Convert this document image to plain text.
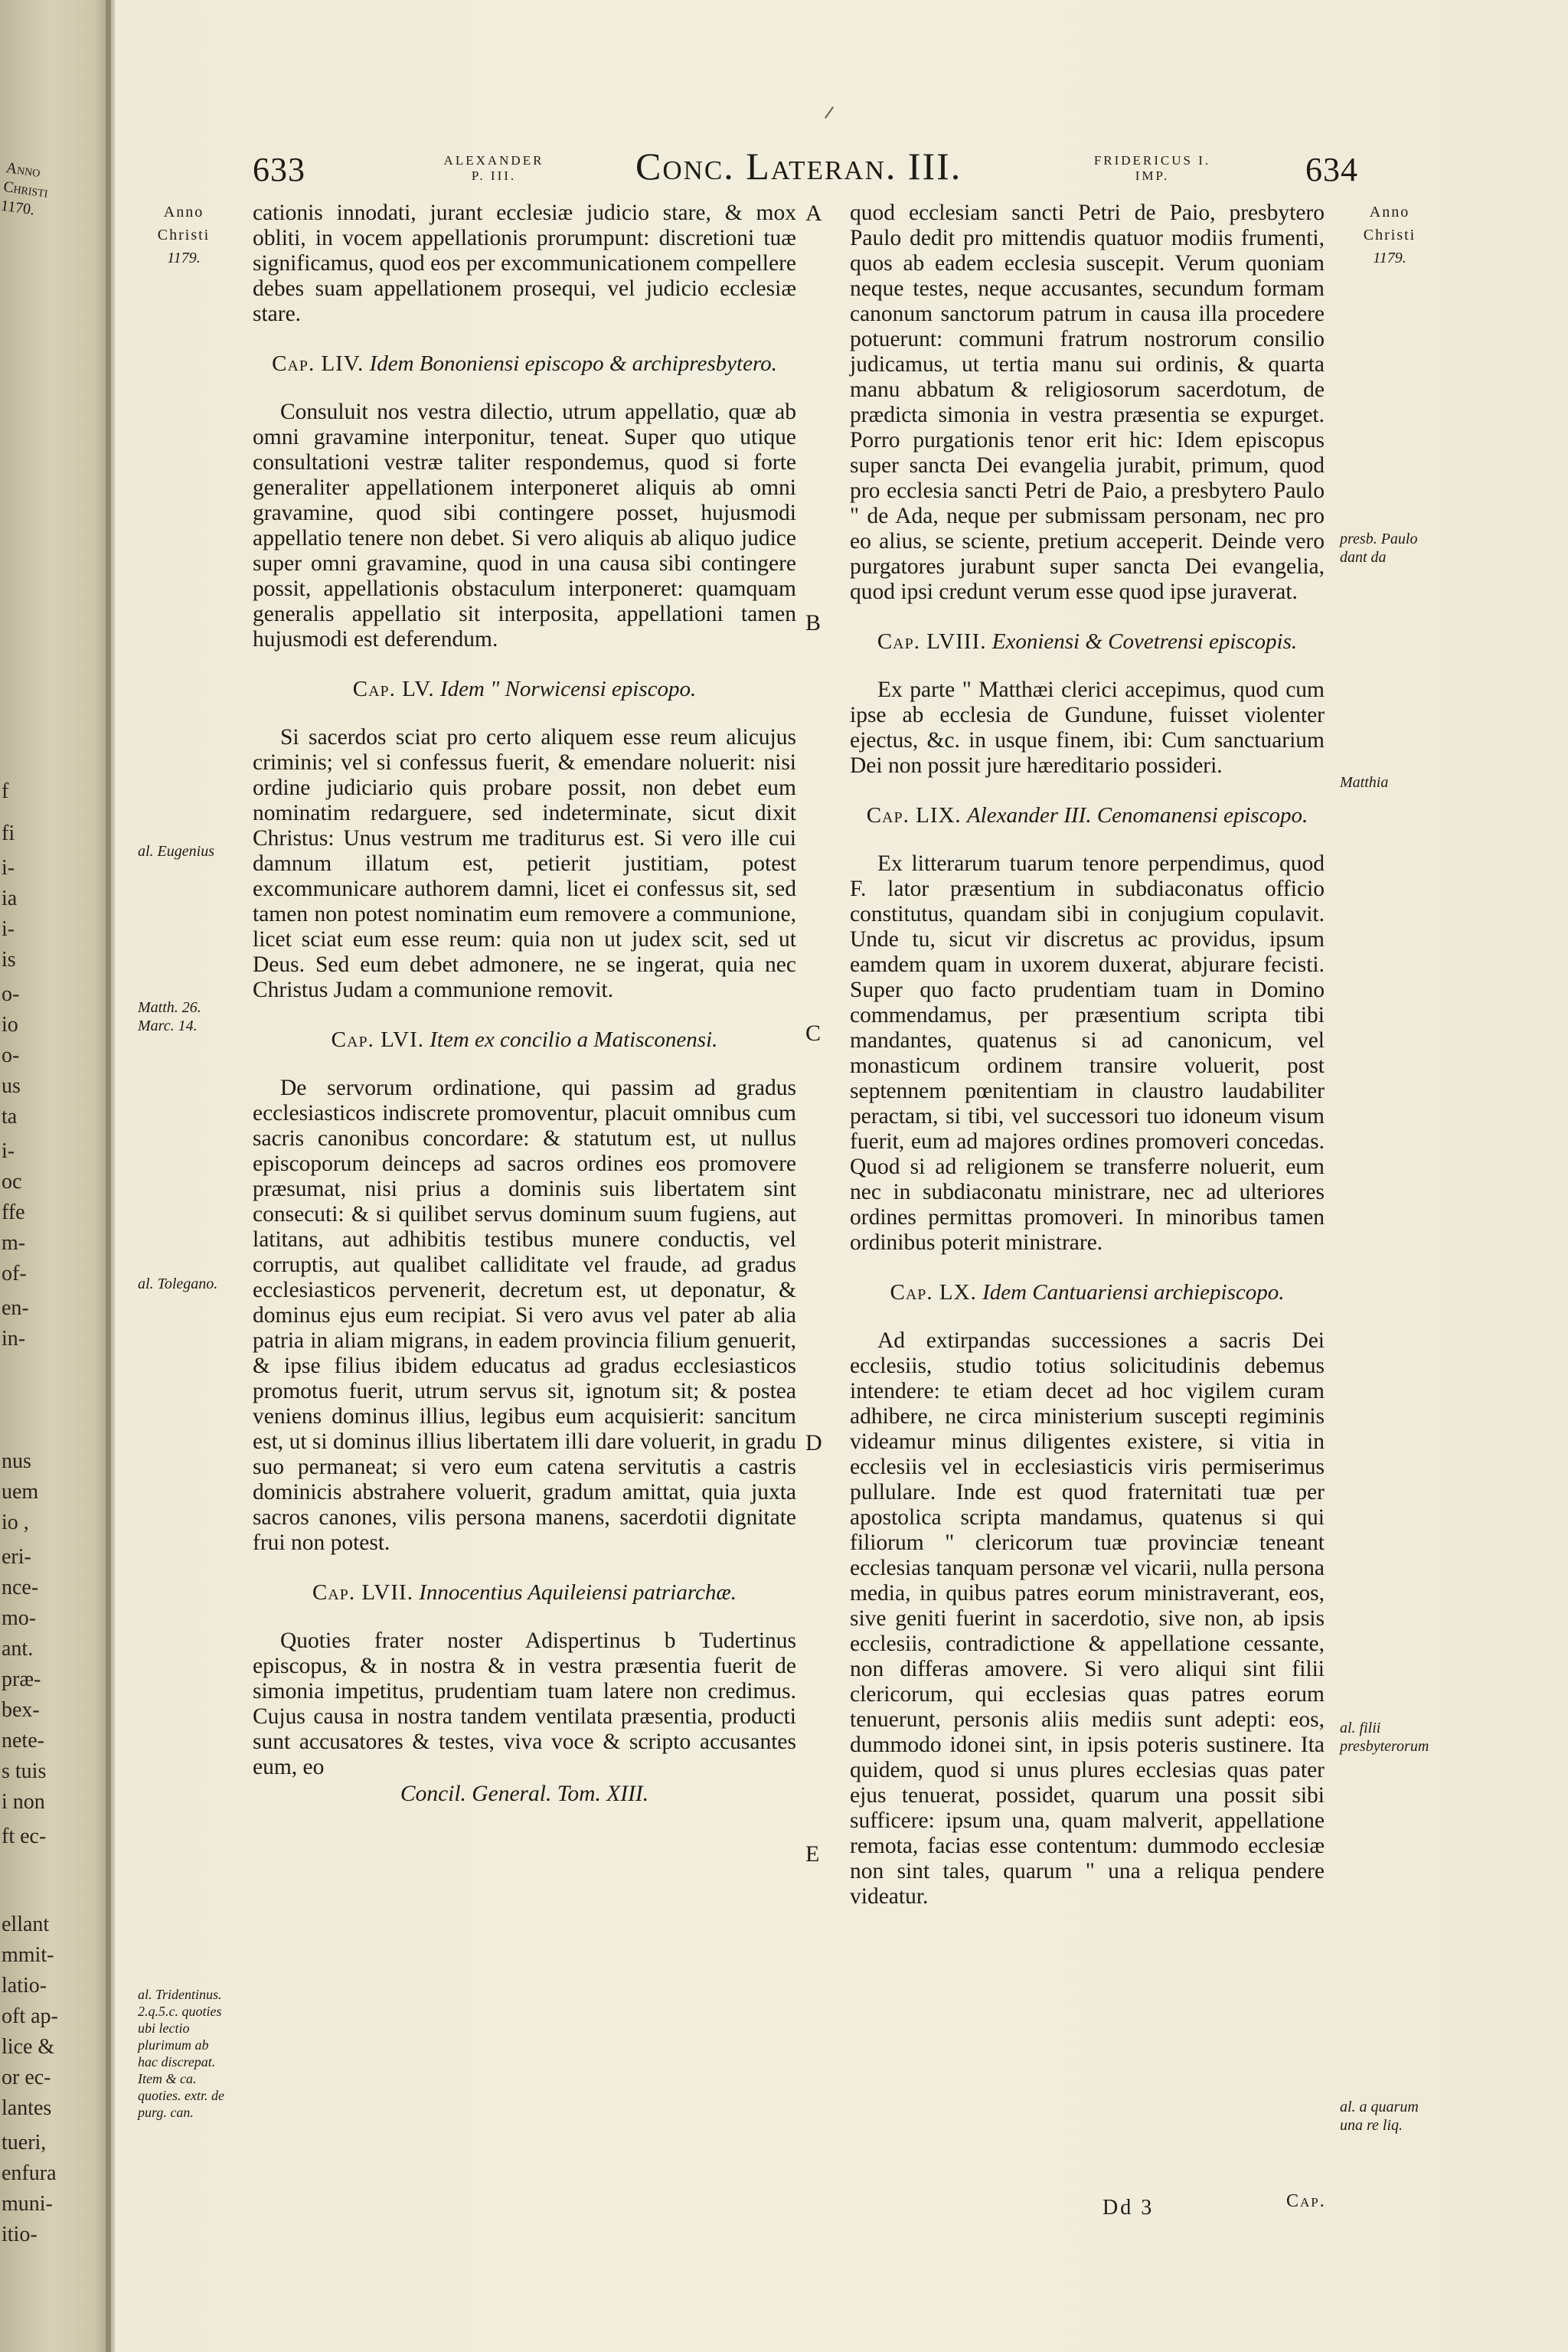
Anno
Christi
1170.
f
fi
i-
ia
i-
is
o-
io
o-
us
ta
i-
oc
ffe
m-
of-
en-
in-
nus
uem
io ,
eri-
nce-
mo-
ant.
præ-
bex-
nete-
s tuis
i non
ft ec-
ellant
mmit-
latio-
oft ap-
lice &
or ec-
lantes
tueri,
enfura
muni-
itio-
633	ALEXANDER
P. III.	Conc. Lateran. III.	FRIDERICUS I.
IMP.	634
Anno
Christi
1179.
al. Eugenius
Matth. 26. Marc. 14.
al. Tolegano.
al. Tridentinus. 2.q.5.c. quoties ubi lectio plurimum ab hac discrepat. Item & ca. quoties. extr. de purg. can.
Anno
Christi
1179.
presb. Paulo dant da
Matthia
al. filii presbyterorum
al. a quarum una re liq.
A
B
C
D
E

cationis innodati, jurant ecclesiæ judicio stare, & mox obliti, in vocem appellationis prorumpunt: discretioni tuæ significamus, quod eos per excommunicationem compellere debes suam appellationem prosequi, vel judicio ecclesiæ stare.

Cap. LIV. Idem Bononiensi episcopo & archipresbytero.

Consuluit nos vestra dilectio, utrum appellatio, quæ ab omni gravamine interponitur, teneat. Super quo utique consultationi vestræ taliter respondemus, quod si forte generaliter appellationem interponeret aliquis ab omni gravamine, quod sibi contingere posset, hujusmodi appellatio tenere non debet. Si vero aliquis ab aliquo judice super omni gravamine, quod in una causa sibi contingere possit, appellationis obstaculum interponeret: quamquam generalis appellatio sit interposita, appellationi tamen hujusmodi est deferendum.

Cap. LV. Idem " Norwicensi episcopo.

Si sacerdos sciat pro certo aliquem esse reum alicujus criminis; vel si confessus fuerit, & emendare noluerit: nisi ordine judiciario quis probare possit, non debet eum nominatim redarguere, sed indeterminate, sicut dixit Christus: Unus vestrum me traditurus est. Si vero ille cui damnum illatum est, petierit justitiam, potest excommunicare authorem damni, licet ei confessus sit, sed tamen non potest nominatim eum removere a communione, licet sciat eum esse reum: quia non ut judex scit, sed ut Deus. Sed eum debet admonere, ne se ingerat, quia nec Christus Judam a communione removit.

Cap. LVI. Item ex concilio a Matisconensi.

De servorum ordinatione, qui passim ad gradus ecclesiasticos indiscrete promoventur, placuit omnibus cum sacris canonibus concordare: & statutum est, ut nullus episcoporum deinceps ad sacros ordines eos promovere præsumat, nisi prius a dominis suis libertatem sint consecuti: & si quilibet servus dominum suum fugiens, aut latitans, aut adhibitis testibus munere conductis, vel corruptis, aut qualibet calliditate vel fraude, ad gradus ecclesiasticos pervenerit, decretum est, ut deponatur, & dominus ejus eum recipiat. Si vero avus vel pater ab alia patria in aliam migrans, in eadem provincia filium genuerit, & ipse filius ibidem educatus ad gradus ecclesiasticos promotus fuerit, utrum servus sit, ignotum sit; & postea veniens dominus illius, legibus eum acquisierit: sancitum est, ut si dominus illius libertatem illi dare voluerit, in gradu suo permaneat; si vero eum catena servitutis a castris dominicis abstrahere voluerit, gradum amittat, quia juxta sacros canones, vilis persona manens, sacerdotii dignitate frui non potest.

Cap. LVII. Innocentius Aquileiensi patriarchæ.

Quoties frater noster Adispertinus b Tudertinus episcopus, & in nostra & in vestra præsentia fuerit de simonia impetitus, prudentiam tuam latere non credimus. Cujus causa in nostra tandem ventilata præsentia, producti sunt accusatores & testes, viva voce & scripto accusantes eum, eo

Concil. General. Tom. XIII.

quod ecclesiam sancti Petri de Paio, presbytero Paulo dedit pro mittendis quatuor modiis frumenti, quos ab eadem ecclesia suscepit. Verum quoniam neque testes, neque accusantes, secundum formam canonum sanctorum patrum in causa illa procedere potuerunt: communi fratrum nostrorum consilio judicamus, ut tertia manu sui ordinis, & quarta manu abbatum & religiosorum sacerdotum, de prædicta simonia in vestra præsentia se expurget. Porro purgationis tenor erit hic: Idem episcopus super sancta Dei evangelia jurabit, primum, quod pro ecclesia sancti Petri de Paio, a presbytero Paulo " de Ada, neque per submissam personam, nec pro eo alius, se sciente, pretium acceperit. Deinde vero purgatores jurabunt super sancta Dei evangelia, quod ipsi credunt verum esse quod ipse juraverat.

Cap. LVIII. Exoniensi & Covetrensi episcopis.

Ex parte " Matthæi clerici accepimus, quod cum ipse ab ecclesia de Gundune, fuisset violenter ejectus, &c. in usque finem, ibi: Cum sanctuarium Dei non possit jure hæreditario possideri.

Cap. LIX. Alexander III. Cenomanensi episcopo.

Ex litterarum tuarum tenore perpendimus, quod F. lator præsentium in subdiaconatus officio constitutus, quandam sibi in conjugium copulavit. Unde tu, sicut vir discretus ac providus, ipsum eamdem quam in uxorem duxerat, abjurare fecisti. Super quo facto prudentiam tuam in Domino commendamus, per præsentium scripta tibi mandantes, quatenus si ad canonicum, vel monasticum ordinem transire voluerit, post septennem pœnitentiam in claustro laudabiliter peractam, si tibi, vel successori tuo idoneum visum fuerit, eum ad majores ordines promoveri concedas. Quod si ad religionem se transferre noluerit, eum nec in subdiaconatu ministrare, nec ad ulteriores ordines permittas promoveri. In minoribus tamen ordinibus poterit ministrare.

Cap. LX. Idem Cantuariensi archiepiscopo.

Ad extirpandas successiones a sacris Dei ecclesiis, studio totius solicitudinis debemus intendere: te etiam decet ad hoc vigilem curam adhibere, ne circa ministerium suscepti regiminis videamur minus diligentes existere, si vitia in ecclesiis vel in ecclesiasticis viris permiserimus pullulare. Inde est quod fraternitati tuæ per apostolica scripta mandamus, quatenus si qui filiorum " clericorum tuæ provinciæ teneant ecclesias tanquam personæ vel vicarii, nulla persona media, in quibus patres eorum ministraverant, eos, sive geniti fuerint in sacerdotio, sive non, ab ipsis ecclesiis, contradictione & appellatione cessante, non differas amovere. Si vero aliqui sint filii clericorum, qui ecclesias quas patres eorum tenuerunt, personis aliis mediis sunt adepti: eos, dummodo idonei sint, in ipsis poteris sustinere. Ita quidem, quod si unus plures ecclesias quas pater ejus tenuerat, possidet, quarum una possit sibi sufficere: ipsum una, quam malverit, appellatione remota, facias esse contentum: dummodo ecclesiæ non sint tales, quarum " una a reliqua pendere videatur.

Dd 3	Cap.
